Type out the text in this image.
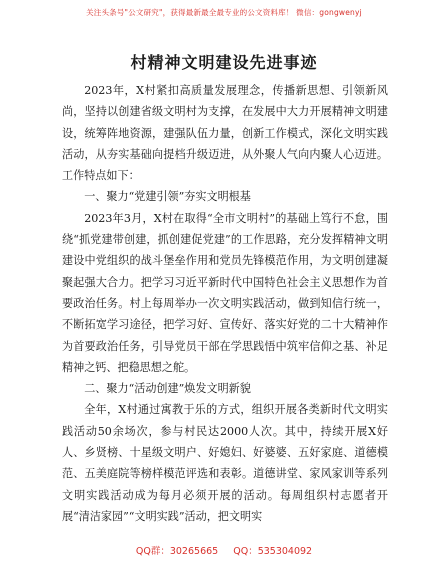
关注头条号"公文研究"，获得最新最全最专业的公文资料库！ 微信：gongwenyj
村精神文明建设先进事迹

2023年，X村紧扣高质量发展理念，传播新思想、引领新风尚，坚持以创建省级文明村为支撑，在发展中大力开展精神文明建设，统筹阵地资源，建强队伍力量，创新工作模式，深化文明实践活动，从夯实基础向提档升级迈进，从外聚人气向内聚人心迈进。工作特点如下：

一、聚力“党建引领”夯实文明根基

2023年3月，X村在取得“全市文明村”的基础上笃行不怠，围绕“抓党建带创建，抓创建促党建”的工作思路，充分发挥精神文明建设中党组织的战斗堡垒作用和党员先锋模范作用，为文明创建凝聚起强大合力。把学习习近平新时代中国特色社会主义思想作为首要政治任务。村上每周举办一次文明实践活动，做到知信行统一，不断拓宽学习途径，把学习好、宣传好、落实好党的二十大精神作为首要政治任务，引导党员干部在学思践悟中筑牢信仰之基、补足精神之钙、把稳思想之舵。

二、聚力“活动创建”焕发文明新貌

全年，X村通过寓教于乐的方式，组织开展各类新时代文明实践活动50余场次，参与村民达2000人次。其中，持续开展X好人、乡贤榜、十星级文明户、好媳妇、好婆婆、五好家庭、道德模范、五美庭院等榜样模范评选和表彰。道德讲堂、家风家训等系列文明实践活动成为每月必须开展的活动。每周组织村志愿者开展“清洁家园”“文明实践”活动，把文明实

QQ群：30265665 QQ：535304092
